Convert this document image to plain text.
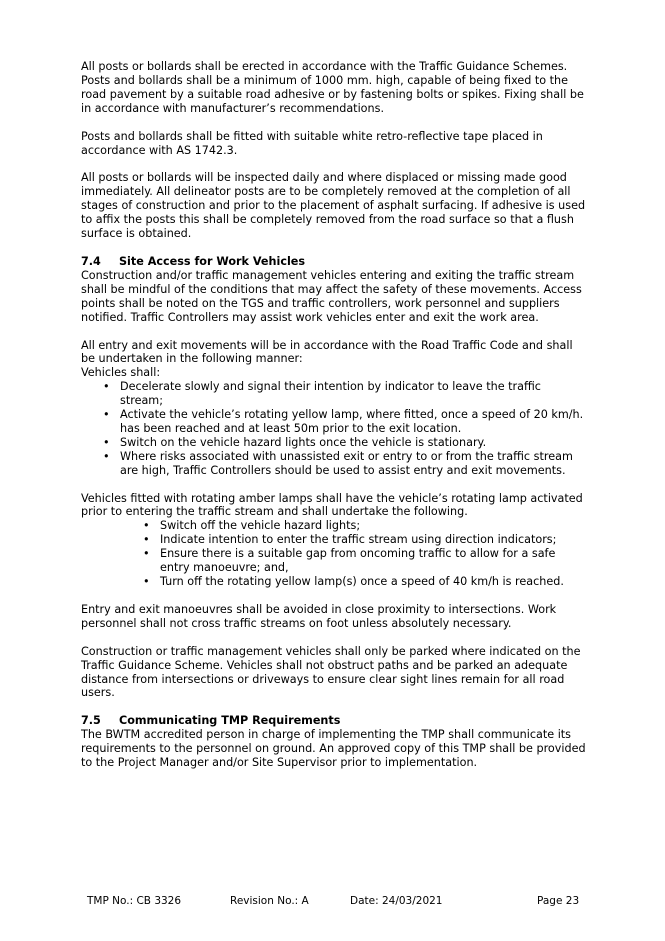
All posts or bollards shall be erected in accordance with the Traffic Guidance Schemes. Posts and bollards shall be a minimum of 1000 mm. high, capable of being fixed to the road pavement by a suitable road adhesive or by fastening bolts or spikes. Fixing shall be in accordance with manufacturer’s recommendations.

Posts and bollards shall be fitted with suitable white retro-reflective tape placed in accordance with AS 1742.3.

All posts or bollards will be inspected daily and where displaced or missing made good immediately. All delineator posts are to be completely removed at the completion of all stages of construction and prior to the placement of asphalt surfacing. If adhesive is used to affix the posts this shall be completely removed from the road surface so that a flush surface is obtained.

7.4 Site Access for Work Vehicles

Construction and/or traffic management vehicles entering and exiting the traffic stream shall be mindful of the conditions that may affect the safety of these movements. Access points shall be noted on the TGS and traffic controllers, work personnel and suppliers notified. Traffic Controllers may assist work vehicles enter and exit the work area.

All entry and exit movements will be in accordance with the Road Traffic Code and shall be undertaken in the following manner:

Vehicles shall:

• Decelerate slowly and signal their intention by indicator to leave the traffic stream;
• Activate the vehicle’s rotating yellow lamp, where fitted, once a speed of 20 km/h. has been reached and at least 50m prior to the exit location.
• Switch on the vehicle hazard lights once the vehicle is stationary.
• Where risks associated with unassisted exit or entry to or from the traffic stream are high, Traffic Controllers should be used to assist entry and exit movements.

Vehicles fitted with rotating amber lamps shall have the vehicle’s rotating lamp activated prior to entering the traffic stream and shall undertake the following.

• Switch off the vehicle hazard lights;
• Indicate intention to enter the traffic stream using direction indicators;
• Ensure there is a suitable gap from oncoming traffic to allow for a safe entry manoeuvre; and,
• Turn off the rotating yellow lamp(s) once a speed of 40 km/h is reached.

Entry and exit manoeuvres shall be avoided in close proximity to intersections. Work personnel shall not cross traffic streams on foot unless absolutely necessary.

Construction or traffic management vehicles shall only be parked where indicated on the Traffic Guidance Scheme. Vehicles shall not obstruct paths and be parked an adequate distance from intersections or driveways to ensure clear sight lines remain for all road users.

7.5 Communicating TMP Requirements

The BWTM accredited person in charge of implementing the TMP shall communicate its requirements to the personnel on ground. An approved copy of this TMP shall be provided to the Project Manager and/or Site Supervisor prior to implementation.

TMP No.: CB 3326	Revision No.: A	Date: 24/03/2021	Page 23
